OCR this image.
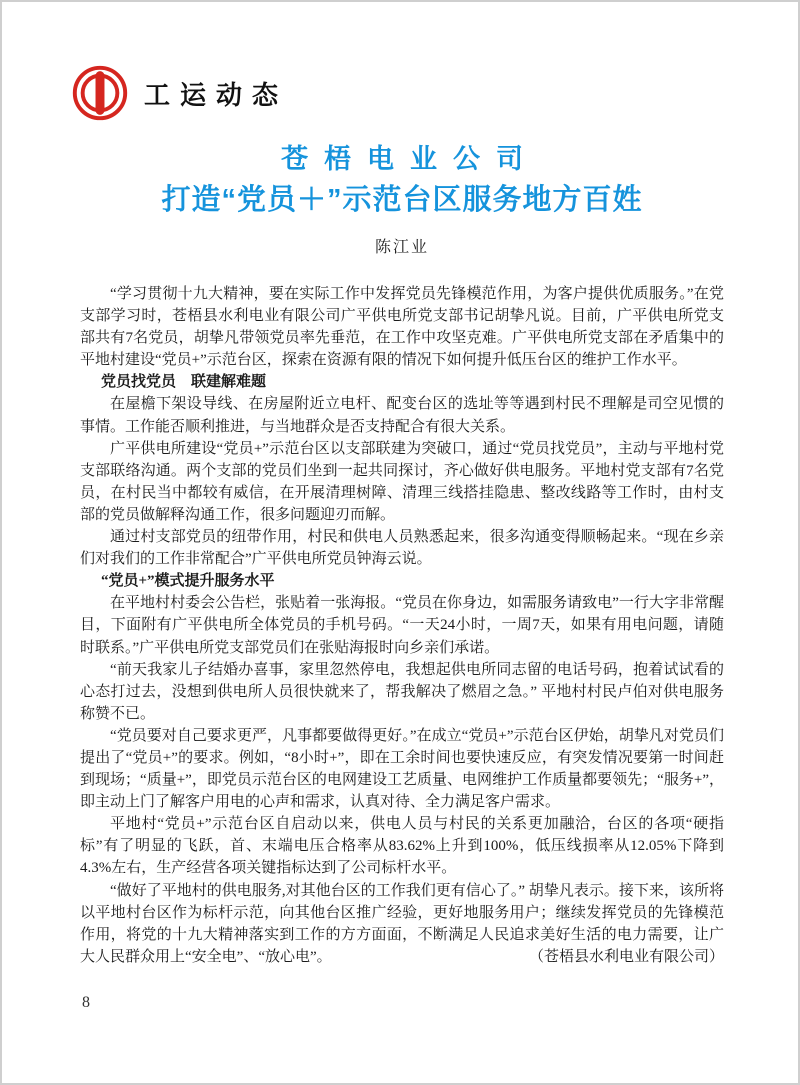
工运动态
苍梧电业公司
打造“党员＋”示范台区服务地方百姓
陈江业
“学习贯彻十九大精神，要在实际工作中发挥党员先锋模范作用，为客户提供优质服务。”在党支部学习时，苍梧县水利电业有限公司广平供电所党支部书记胡挚凡说。目前，广平供电所党支部共有7名党员，胡挚凡带领党员率先垂范，在工作中攻坚克难。广平供电所党支部在矛盾集中的平地村建设“党员+”示范台区，探索在资源有限的情况下如何提升低压台区的维护工作水平。
党员找党员　联建解难题
在屋檐下架设导线、在房屋附近立电杆、配变台区的选址等等遇到村民不理解是司空见惯的事情。工作能否顺利推进，与当地群众是否支持配合有很大关系。
广平供电所建设“党员+”示范台区以支部联建为突破口，通过“党员找党员”，主动与平地村党支部联络沟通。两个支部的党员们坐到一起共同探讨，齐心做好供电服务。平地村党支部有7名党员，在村民当中都较有威信，在开展清理树障、清理三线搭挂隐患、整改线路等工作时，由村支部的党员做解释沟通工作，很多问题迎刃而解。
通过村支部党员的纽带作用，村民和供电人员熟悉起来，很多沟通变得顺畅起来。“现在乡亲们对我们的工作非常配合”广平供电所党员钟海云说。
“党员+”模式提升服务水平
在平地村村委会公告栏，张贴着一张海报。“党员在你身边，如需服务请致电”一行大字非常醒目，下面附有广平供电所全体党员的手机号码。“一天24小时，一周7天，如果有用电问题，请随时联系。”广平供电所党支部党员们在张贴海报时向乡亲们承诺。
“前天我家儿子结婚办喜事，家里忽然停电，我想起供电所同志留的电话号码，抱着试试看的心态打过去，没想到供电所人员很快就来了，帮我解决了燃眉之急。” 平地村村民卢伯对供电服务称赞不已。
“党员要对自己要求更严，凡事都要做得更好。”在成立“党员+”示范台区伊始，胡挚凡对党员们提出了“党员+”的要求。例如，“8小时+”，即在工余时间也要快速反应，有突发情况要第一时间赶到现场；“质量+”，即党员示范台区的电网建设工艺质量、电网维护工作质量都要领先；“服务+”，即主动上门了解客户用电的心声和需求，认真对待、全力满足客户需求。
平地村“党员+”示范台区自启动以来，供电人员与村民的关系更加融洽，台区的各项“硬指标”有了明显的飞跃，首、末端电压合格率从83.62%上升到100%，低压线损率从12.05%下降到4.3%左右，生产经营各项关键指标达到了公司标杆水平。
“做好了平地村的供电服务,对其他台区的工作我们更有信心了。” 胡挚凡表示。接下来，该所将以平地村台区作为标杆示范，向其他台区推广经验，更好地服务用户；继续发挥党员的先锋模范作用，将党的十九大精神落实到工作的方方面面，不断满足人民追求美好生活的电力需要，让广大人民群众用上“安全电”、“放心电”。	（苍梧县水利电业有限公司）
8
